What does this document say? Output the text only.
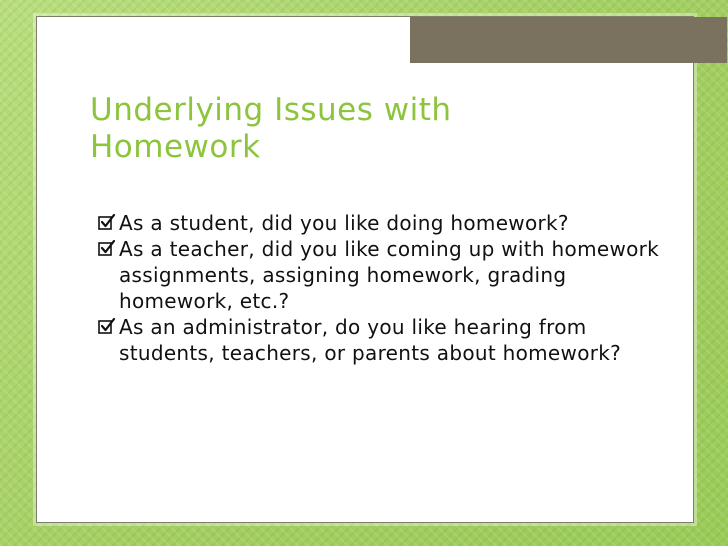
Underlying Issues with
Homework
As a student, did you like doing homework?
As a teacher, did you like coming up with homework assignments, assigning homework, grading homework, etc.?
As an administrator, do you like hearing from students, teachers, or parents about homework?
